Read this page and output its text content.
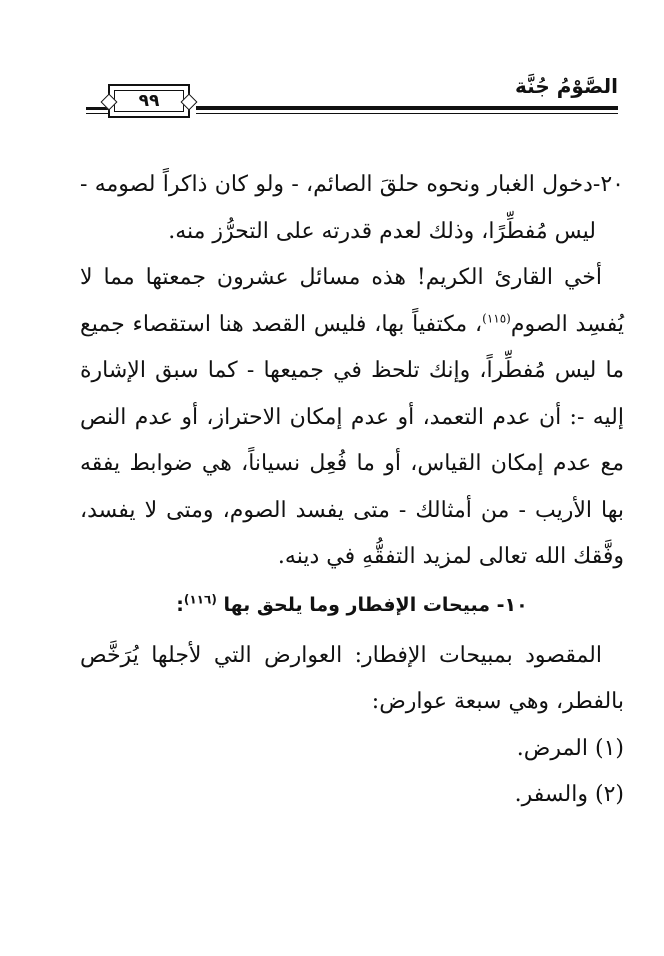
الصَّوْمُ جُنَّة
٩٩

٢٠-دخول الغبار ونحوه حلقَ الصائم، - ولو كان ذاكراً لصومه - ليس مُفطِّرًا، وذلك لعدم قدرته على التحرُّز منه.

أخي القارئ الكريم! هذه مسائل عشرون جمعتها مما لا يُفسِد الصوم$^{(١١٥)}$، مكتفياً بها، فليس القصد هنا استقصاء جميع ما ليس مُفطِّراً، وإنك تلحظ في جميعها - كما سبق الإشارة إليه -: أن عدم التعمد، أو عدم إمكان الاحتراز، أو عدم النص مع عدم إمكان القياس، أو ما فُعِل نسياناً، هي ضوابط يفقه بها الأريب - من أمثالك - متى يفسد الصوم، ومتى لا يفسد، وفَّقك الله تعالى لمزيد التفقُّهِ في دينه.

١٠- مبيحات الإفطار وما يلحق بها $^{(١١٦)}$:

المقصود بمبيحات الإفطار: العوارض التي لأجلها يُرَخَّص بالفطر، وهي سبعة عوارض:

(١) المرض.

(٢) والسفر.
